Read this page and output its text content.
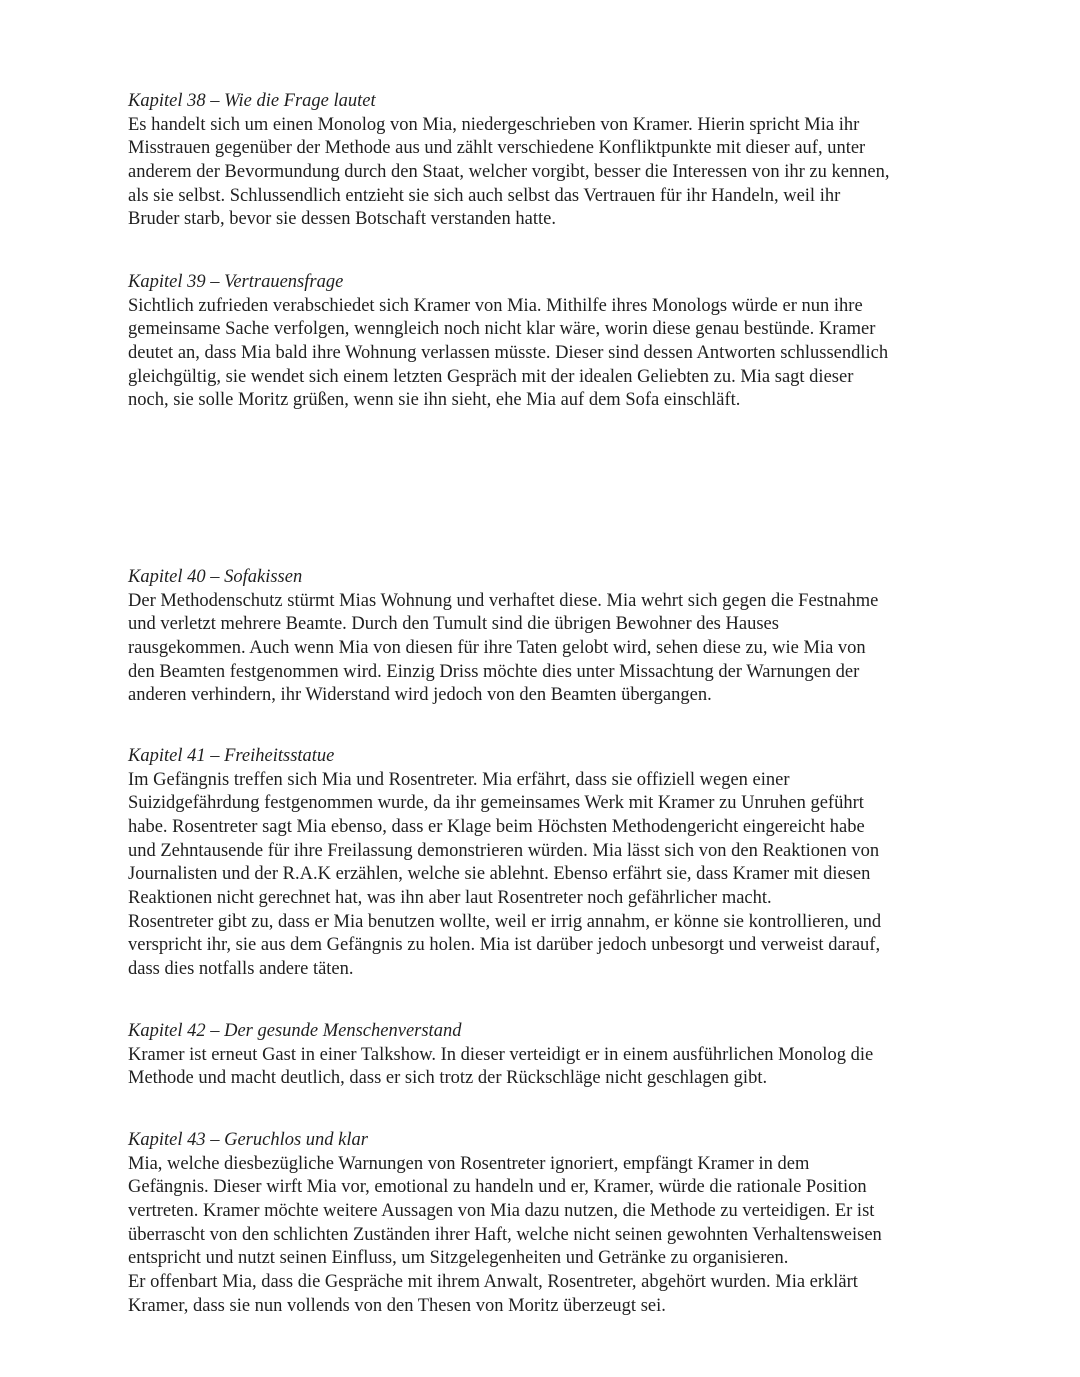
Kapitel 38 – Wie die Frage lautet

Es handelt sich um einen Monolog von Mia, niedergeschrieben von Kramer. Hierin spricht Mia ihr
Misstrauen gegenüber der Methode aus und zählt verschiedene Konfliktpunkte mit dieser auf, unter
anderem der Bevormundung durch den Staat, welcher vorgibt, besser die Interessen von ihr zu kennen,
als sie selbst. Schlussendlich entzieht sie sich auch selbst das Vertrauen für ihr Handeln, weil ihr
Bruder starb, bevor sie dessen Botschaft verstanden hatte.

Kapitel 39 – Vertrauensfrage

Sichtlich zufrieden verabschiedet sich Kramer von Mia. Mithilfe ihres Monologs würde er nun ihre
gemeinsame Sache verfolgen, wenngleich noch nicht klar wäre, worin diese genau bestünde. Kramer
deutet an, dass Mia bald ihre Wohnung verlassen müsste. Dieser sind dessen Antworten schlussendlich
gleichgültig, sie wendet sich einem letzten Gespräch mit der idealen Geliebten zu. Mia sagt dieser
noch, sie solle Moritz grüßen, wenn sie ihn sieht, ehe Mia auf dem Sofa einschläft.

Kapitel 40 – Sofakissen

Der Methodenschutz stürmt Mias Wohnung und verhaftet diese. Mia wehrt sich gegen die Festnahme
und verletzt mehrere Beamte. Durch den Tumult sind die übrigen Bewohner des Hauses
rausgekommen. Auch wenn Mia von diesen für ihre Taten gelobt wird, sehen diese zu, wie Mia von
den Beamten festgenommen wird. Einzig Driss möchte dies unter Missachtung der Warnungen der
anderen verhindern, ihr Widerstand wird jedoch von den Beamten übergangen.

Kapitel 41 – Freiheitsstatue

Im Gefängnis treffen sich Mia und Rosentreter. Mia erfährt, dass sie offiziell wegen einer
Suizidgefährdung festgenommen wurde, da ihr gemeinsames Werk mit Kramer zu Unruhen geführt
habe. Rosentreter sagt Mia ebenso, dass er Klage beim Höchsten Methodengericht eingereicht habe
und Zehntausende für ihre Freilassung demonstrieren würden. Mia lässt sich von den Reaktionen von
Journalisten und der R.A.K erzählen, welche sie ablehnt. Ebenso erfährt sie, dass Kramer mit diesen
Reaktionen nicht gerechnet hat, was ihn aber laut Rosentreter noch gefährlicher macht.

Rosentreter gibt zu, dass er Mia benutzen wollte, weil er irrig annahm, er könne sie kontrollieren, und
verspricht ihr, sie aus dem Gefängnis zu holen. Mia ist darüber jedoch unbesorgt und verweist darauf,
dass dies notfalls andere täten.

Kapitel 42 – Der gesunde Menschenverstand

Kramer ist erneut Gast in einer Talkshow. In dieser verteidigt er in einem ausführlichen Monolog die
Methode und macht deutlich, dass er sich trotz der Rückschläge nicht geschlagen gibt.

Kapitel 43 – Geruchlos und klar

Mia, welche diesbezügliche Warnungen von Rosentreter ignoriert, empfängt Kramer in dem
Gefängnis. Dieser wirft Mia vor, emotional zu handeln und er, Kramer, würde die rationale Position
vertreten. Kramer möchte weitere Aussagen von Mia dazu nutzen, die Methode zu verteidigen. Er ist
überrascht von den schlichten Zuständen ihrer Haft, welche nicht seinen gewohnten Verhaltensweisen
entspricht und nutzt seinen Einfluss, um Sitzgelegenheiten und Getränke zu organisieren.

Er offenbart Mia, dass die Gespräche mit ihrem Anwalt, Rosentreter, abgehört wurden. Mia erklärt
Kramer, dass sie nun vollends von den Thesen von Moritz überzeugt sei.
